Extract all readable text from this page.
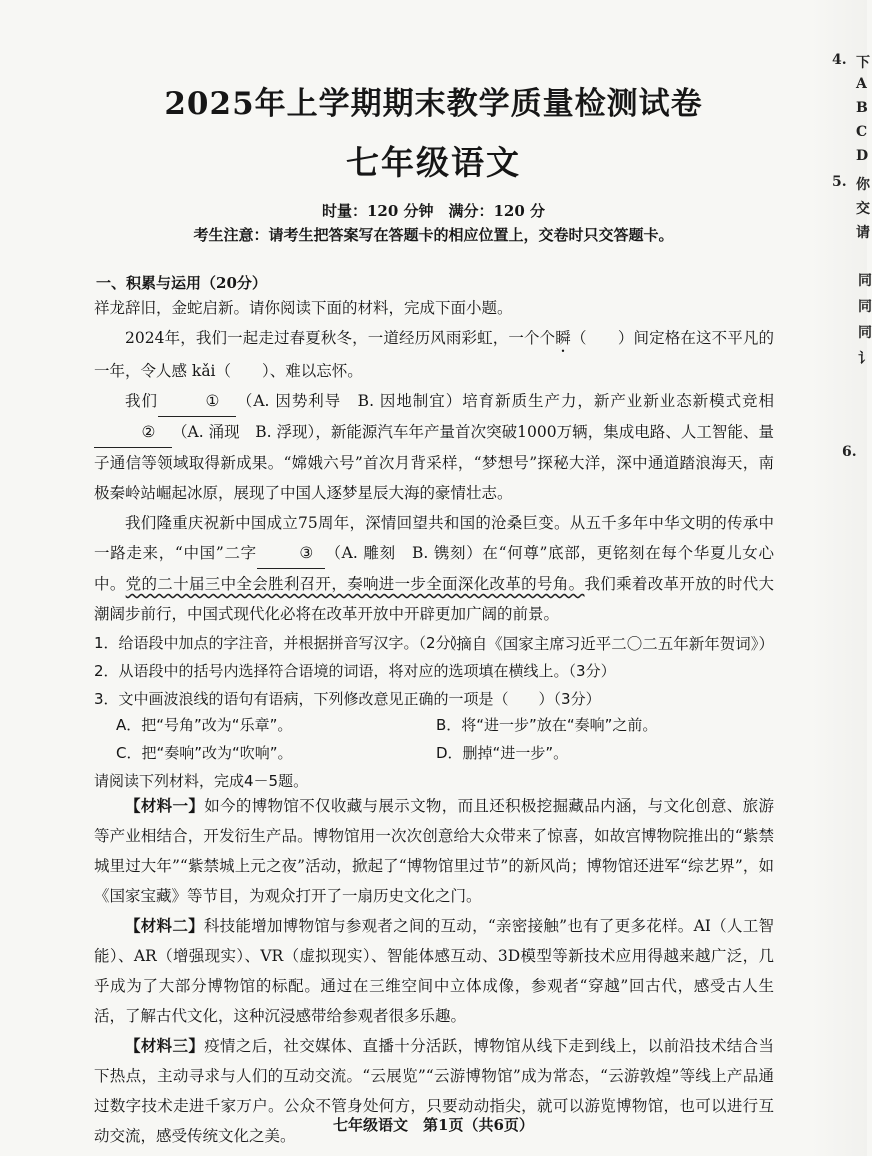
2025年上学期期末教学质量检测试卷
七年级语文
时量：120 分钟　满分：120 分
考生注意：请考生把答案写在答题卡的相应位置上，交卷时只交答题卡。
一、积累与运用（20分）
祥龙辞旧，金蛇启新。请你阅读下面的材料，完成下面小题。
2024年，我们一起走过春夏秋冬，一道经历风雨彩虹，一个个瞬（　　）间定格在这不平凡的一年，令人感 kǎi（　　）、难以忘怀。
我们	① （A. 因势利导　B. 因地制宜）培育新质生产力，新产业新业态新模式竞相② （A. 涌现　B. 浮现），新能源汽车年产量首次突破1000万辆，集成电路、人工智能、量子通信等领域取得新成果。“嫦娥六号”首次月背采样，“梦想号”探秘大洋，深中通道踏浪海天，南极秦岭站崛起冰原，展现了中国人逐梦星辰大海的豪情壮志。
我们隆重庆祝新中国成立75周年，深情回望共和国的沧桑巨变。从五千多年中华文明的传承中一路走来，“中国”二字	③ （A. 雕刻　B. 镌刻）在“何尊”底部，更铭刻在每个华夏儿女心中。党的二十届三中全会胜利召开，奏响进一步全面深化改革的号角。我们乘着改革开放的时代大潮阔步前行，中国式现代化必将在改革开放中开辟更加广阔的前景。
（摘自《国家主席习近平二〇二五年新年贺词》）
1．给语段中加点的字注音，并根据拼音写汉字。（2分）
2．从语段中的括号内选择符合语境的词语，将对应的选项填在横线上。（3分）
3．文中画波浪线的语句有语病，下列修改意见正确的一项是（　　）（3分）
A．把“号角”改为“乐章”。	B．将“进一步”放在“奏响”之前。
C．把“奏响”改为“吹响”。	D．删掉“进一步”。
请阅读下列材料，完成4－5题。
【材料一】如今的博物馆不仅收藏与展示文物，而且还积极挖掘藏品内涵，与文化创意、旅游等产业相结合，开发衍生产品。博物馆用一次次创意给大众带来了惊喜，如故宫博物院推出的“紫禁城里过大年”“紫禁城上元之夜”活动，掀起了“博物馆里过节”的新风尚；博物馆还进军“综艺界”，如《国家宝藏》等节目，为观众打开了一扇历史文化之门。
【材料二】科技能增加博物馆与参观者之间的互动，“亲密接触”也有了更多花样。AI（人工智能）、AR（增强现实）、VR（虚拟现实）、智能体感互动、3D模型等新技术应用得越来越广泛，几乎成为了大部分博物馆的标配。通过在三维空间中立体成像，参观者“穿越”回古代，感受古人生活，了解古代文化，这种沉浸感带给参观者很多乐趣。
【材料三】疫情之后，社交媒体、直播十分活跃，博物馆从线下走到线上，以前沿技术结合当下热点，主动寻求与人们的互动交流。“云展览”“云游博物馆”成为常态，“云游敦煌”等线上产品通过数字技术走进千家万户。公众不管身处何方，只要动动指尖，就可以游览博物馆，也可以进行互动交流，感受传统文化之美。
七年级语文　第1页（共6页）
4. 下
A
B
C
D
5. 你
交
请
同
同
同
讠
6.
